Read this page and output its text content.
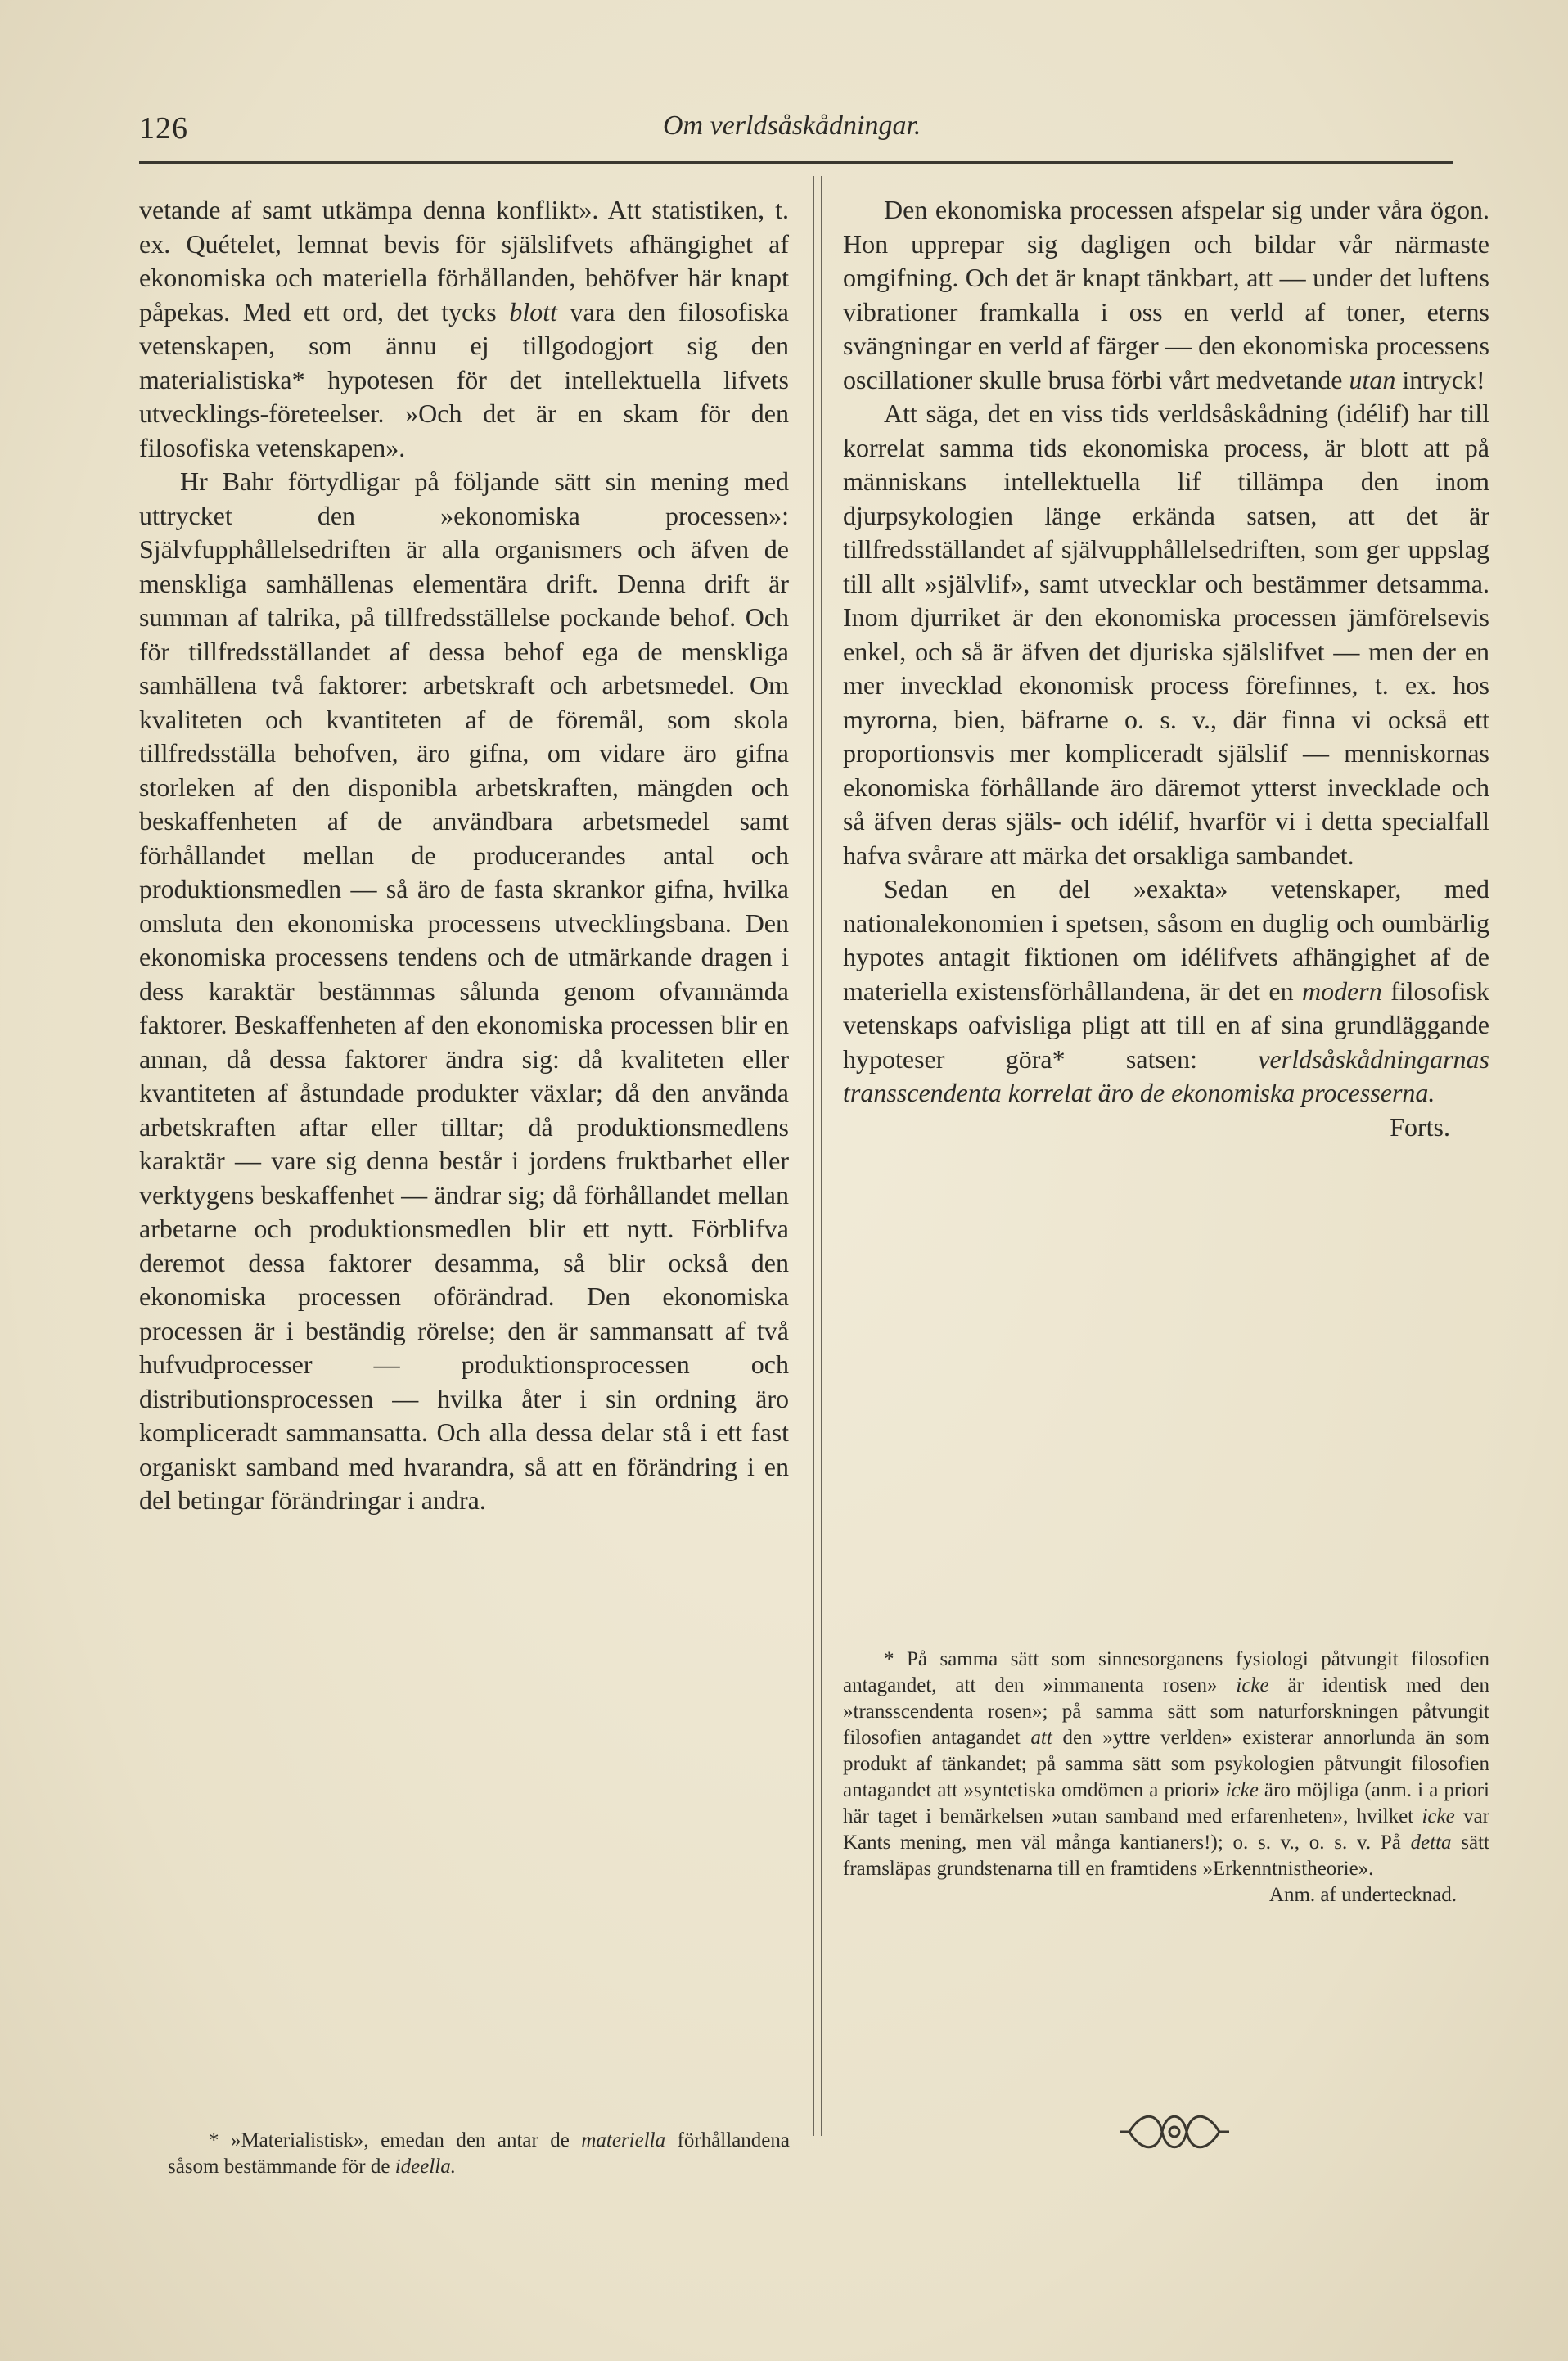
126	Om verldsåskådningar.

vetande af samt utkämpa denna konflikt». Att statistiken, t. ex. Quételet, lemnat bevis för själslifvets afhängighet af ekonomiska och materiella förhållanden, behöfver här knapt påpekas. Med ett ord, det tycks blott vara den filosofiska vetenskapen, som ännu ej tillgodogjort sig den materialistiska* hypotesen för det intellektuella lifvets utvecklings-företeelser. »Och det är en skam för den filosofiska vetenskapen».

Hr Bahr förtydligar på följande sätt sin mening med uttrycket den »ekonomiska processen»: Självfupphållelsedriften är alla organismers och äfven de menskliga samhällenas elementära drift. Denna drift är summan af talrika, på tillfredsställelse pockande behof. Och för tillfredsställandet af dessa behof ega de menskliga samhällena två faktorer: arbetskraft och arbetsmedel. Om kvaliteten och kvantiteten af de föremål, som skola tillfredsställa behofven, äro gifna, om vidare äro gifna storleken af den disponibla arbetskraften, mängden och beskaffenheten af de användbara arbetsmedel samt förhållandet mellan de producerandes antal och produktionsmedlen — så äro de fasta skrankor gifna, hvilka omsluta den ekonomiska processens utvecklingsbana. Den ekonomiska processens tendens och de utmärkande dragen i dess karaktär bestämmas sålunda genom ofvannämda faktorer. Beskaffenheten af den ekonomiska processen blir en annan, då dessa faktorer ändra sig: då kvaliteten eller kvantiteten af åstundade produkter växlar; då den använda arbetskraften aftar eller tilltar; då produktionsmedlens karaktär — vare sig denna består i jordens fruktbarhet eller verktygens beskaffenhet — ändrar sig; då förhållandet mellan arbetarne och produktionsmedlen blir ett nytt. Förblifva deremot dessa faktorer desamma, så blir också den ekonomiska processen oförändrad. Den ekonomiska processen är i beständig rörelse; den är sammansatt af två hufvudprocesser — produktionsprocessen och distributionsprocessen — hvilka åter i sin ordning äro kompliceradt sammansatta. Och alla dessa delar stå i ett fast organiskt samband med hvarandra, så att en förändring i en del betingar förändringar i andra.

Den ekonomiska processen afspelar sig under våra ögon. Hon upprepar sig dagligen och bildar vår närmaste omgifning. Och det är knapt tänkbart, att — under det luftens vibrationer framkalla i oss en verld af toner, eterns svängningar en verld af färger — den ekonomiska processens oscillationer skulle brusa förbi vårt medvetande utan intryck!

Att säga, det en viss tids verldsåskådning (idélif) har till korrelat samma tids ekonomiska process, är blott att på människans intellektuella lif tillämpa den inom djurpsykologien länge erkända satsen, att det är tillfredsställandet af självupphållelsedriften, som ger uppslag till allt »självlif», samt utvecklar och bestämmer detsamma. Inom djurriket är den ekonomiska processen jämförelsevis enkel, och så är äfven det djuriska själslifvet — men der en mer invecklad ekonomisk process förefinnes, t. ex. hos myrorna, bien, bäfrarne o. s. v., där finna vi också ett proportionsvis mer kompliceradt själslif — menniskornas ekonomiska förhållande äro däremot ytterst invecklade och så äfven deras själs- och idélif, hvarför vi i detta specialfall hafva svårare att märka det orsakliga sambandet.

Sedan en del »exakta» vetenskaper, med nationalekonomien i spetsen, såsom en duglig och oumbärlig hypotes antagit fiktionen om idélifvets afhängighet af de materiella existensförhållandena, är det en modern filosofisk vetenskaps oafvisliga pligt att till en af sina grundläggande hypoteser göra* satsen: verldsåskådningarnas transscendenta korrelat äro de ekonomiska processerna.

Forts.

* På samma sätt som sinnesorganens fysiologi påtvungit filosofien antagandet, att den »immanenta rosen» icke är identisk med den »transscendenta rosen»; på samma sätt som naturforskningen påtvungit filosofien antagandet att den »yttre verlden» existerar annorlunda än som produkt af tänkandet; på samma sätt som psykologien påtvungit filosofien antagandet att »syntetiska omdömen a priori» icke äro möjliga (anm. i a priori här taget i bemärkelsen »utan samband med erfarenheten», hvilket icke var Kants mening, men väl många kantianers!); o. s. v., o. s. v. På detta sätt framsläpas grundstenarna till en framtidens »Erkenntnistheorie».

Anm. af undertecknad.

* »Materialistisk», emedan den antar de materiella förhållandena såsom bestämmande för de ideella.
